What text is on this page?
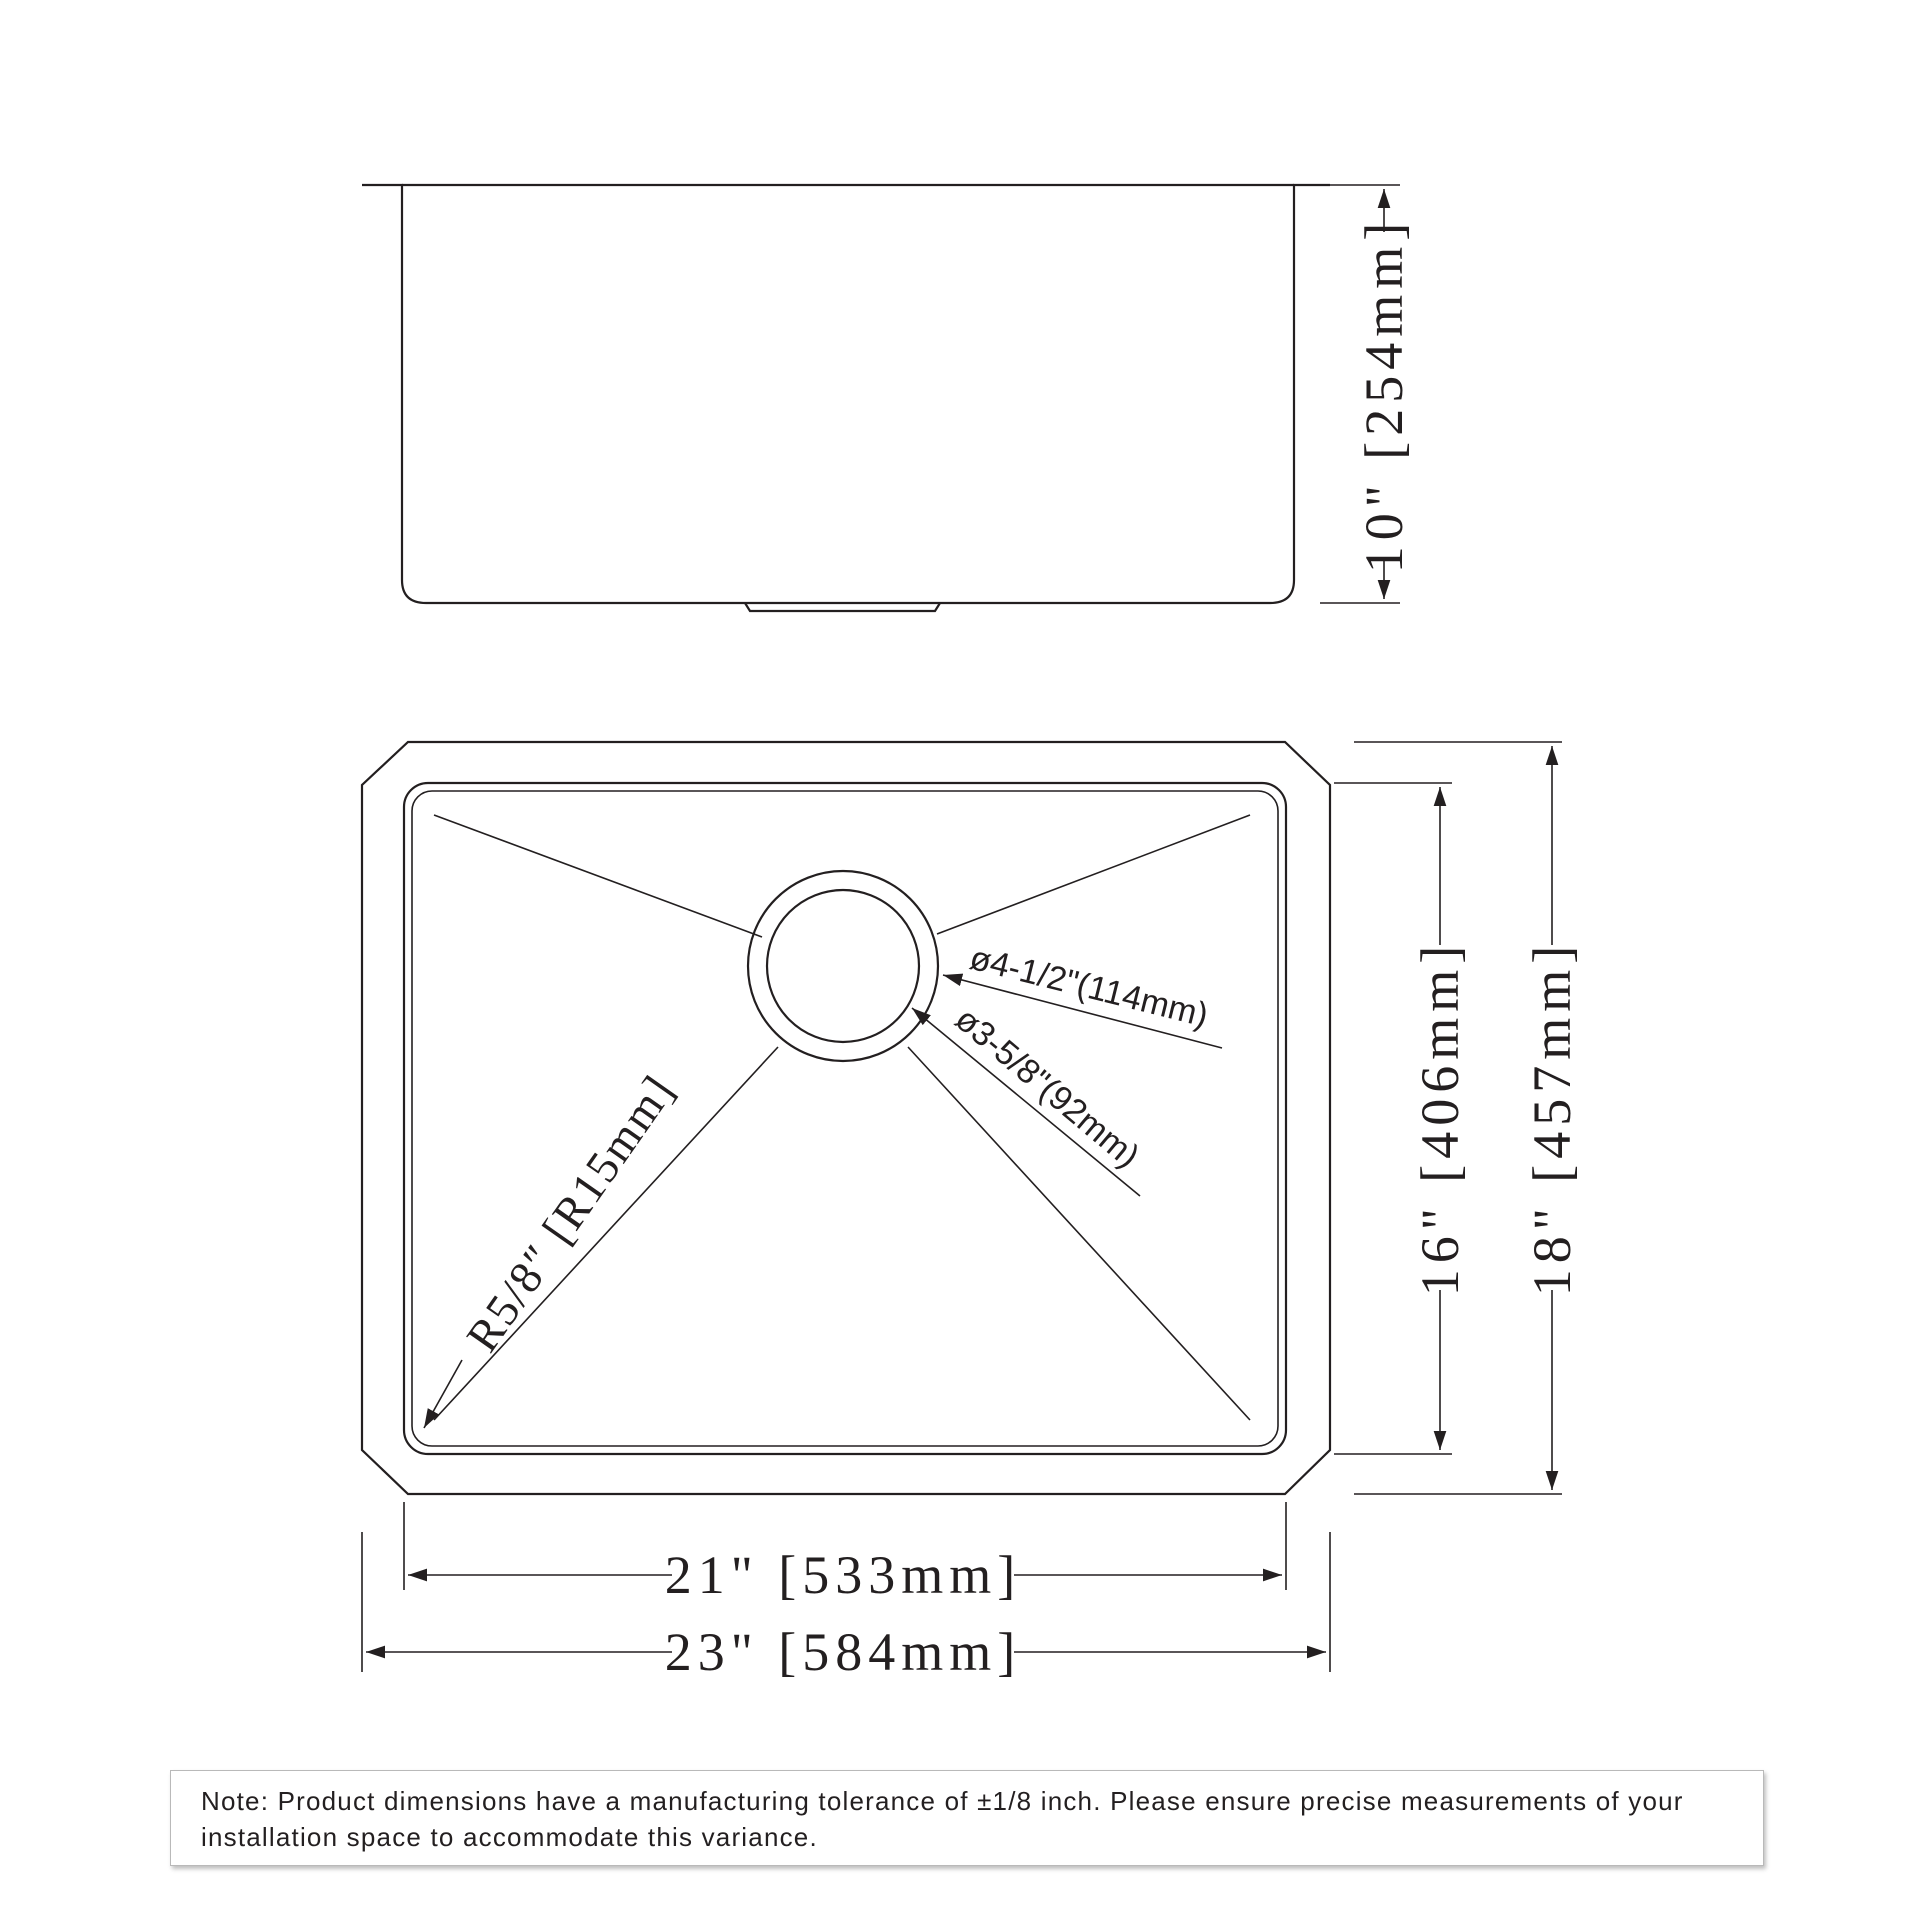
10" [254mm]
ø4-1/2"(114mm)
ø3-5/8"(92mm)
R5/8″ [R15mm]
21" [533mm]
23" [584mm]
16" [406mm] 18" [457mm]

Note: Product dimensions have a manufacturing tolerance of ±1/8 inch. Please ensure precise measurements of your installation space to accommodate this variance.
